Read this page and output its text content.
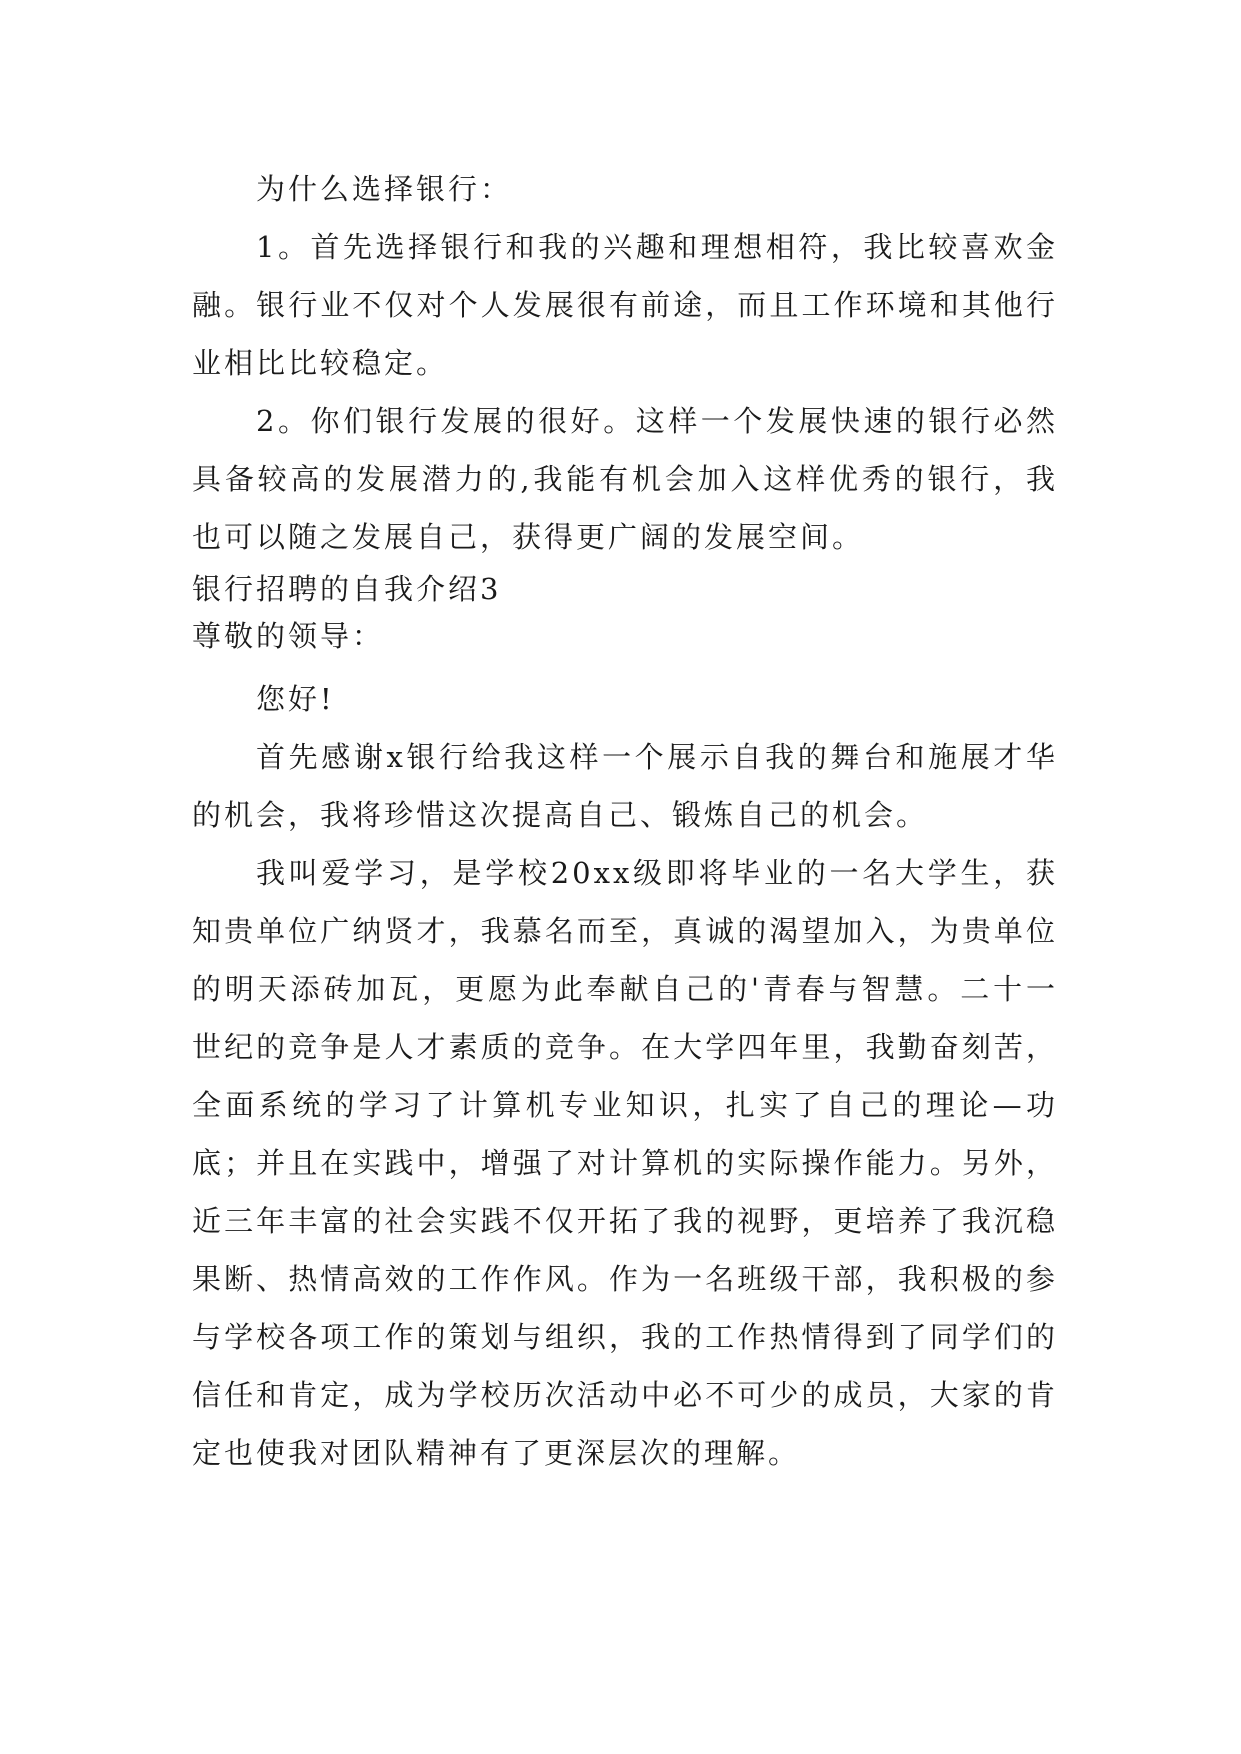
为什么选择银行：

1。首先选择银行和我的兴趣和理想相符，我比较喜欢金融。银行业不仅对个人发展很有前途，而且工作环境和其他行业相比比较稳定。

2。你们银行发展的很好。这样一个发展快速的银行必然具备较高的发展潜力的,我能有机会加入这样优秀的银行，我也可以随之发展自己，获得更广阔的发展空间。

银行招聘的自我介绍3

尊敬的领导：

您好!

首先感谢x银行给我这样一个展示自我的舞台和施展才华的机会，我将珍惜这次提高自己、锻炼自己的机会。

我叫爱学习，是学校20xx级即将毕业的一名大学生，获知贵单位广纳贤才，我慕名而至，真诚的渴望加入，为贵单位的明天添砖加瓦，更愿为此奉献自己的'青春与智慧。二十一世纪的竞争是人才素质的竞争。在大学四年里，我勤奋刻苦，全面系统的学习了计算机专业知识，扎实了自己的理论—功底；并且在实践中，增强了对计算机的实际操作能力。另外，近三年丰富的社会实践不仅开拓了我的视野，更培养了我沉稳果断、热情高效的工作作风。作为一名班级干部，我积极的参与学校各项工作的策划与组织，我的工作热情得到了同学们的信任和肯定，成为学校历次活动中必不可少的成员，大家的肯定也使我对团队精神有了更深层次的理解。
